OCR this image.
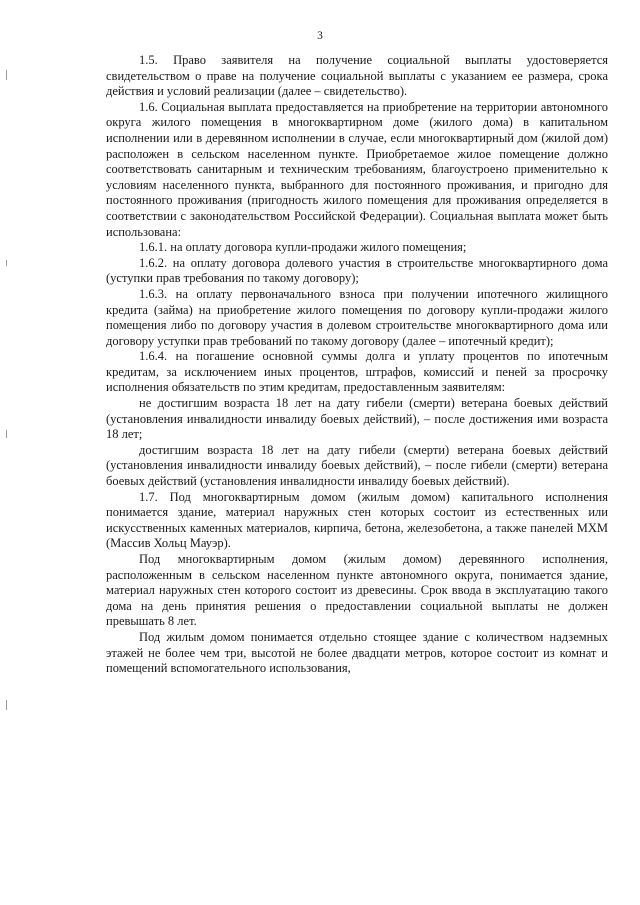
3

1.5. Право заявителя на получение социальной выплаты удостоверяется свидетельством о праве на получение социальной выплаты с указанием ее размера, срока действия и условий реализации (далее – свидетельство).

1.6. Социальная выплата предоставляется на приобретение на территории автономного округа жилого помещения в многоквартирном доме (жилого дома) в капитальном исполнении или в деревянном исполнении в случае, если многоквартирный дом (жилой дом) расположен в сельском населенном пункте. Приобретаемое жилое помещение должно соответствовать санитарным и техническим требованиям, благоустроено применительно к условиям населенного пункта, выбранного для постоянного проживания, и пригодно для постоянного проживания (пригодность жилого помещения для проживания определяется в соответствии с законодательством Российской Федерации). Социальная выплата может быть использована:

1.6.1. на оплату договора купли-продажи жилого помещения;

1.6.2. на оплату договора долевого участия в строительстве многоквартирного дома (уступки прав требования по такому договору);

1.6.3. на оплату первоначального взноса при получении ипотечного жилищного кредита (займа) на приобретение жилого помещения по договору купли-продажи жилого помещения либо по договору участия в долевом строительстве многоквартирного дома или договору уступки прав требований по такому договору (далее – ипотечный кредит);

1.6.4. на погашение основной суммы долга и уплату процентов по ипотечным кредитам, за исключением иных процентов, штрафов, комиссий и пеней за просрочку исполнения обязательств по этим кредитам, предоставленным заявителям:

не достигшим возраста 18 лет на дату гибели (смерти) ветерана боевых действий (установления инвалидности инвалиду боевых действий), – после достижения ими возраста 18 лет;

достигшим возраста 18 лет на дату гибели (смерти) ветерана боевых действий (установления инвалидности инвалиду боевых действий), – после гибели (смерти) ветерана боевых действий (установления инвалидности инвалиду боевых действий).

1.7. Под многоквартирным домом (жилым домом) капитального исполнения понимается здание, материал наружных стен которых состоит из естественных или искусственных каменных материалов, кирпича, бетона, железобетона, а также панелей МХМ (Массив Хольц Мауэр).

Под многоквартирным домом (жилым домом) деревянного исполнения, расположенным в сельском населенном пункте автономного округа, понимается здание, материал наружных стен которого состоит из древесины. Срок ввода в эксплуатацию такого дома на день принятия решения о предоставлении социальной выплаты не должен превышать 8 лет.

Под жилым домом понимается отдельно стоящее здание с количеством надземных этажей не более чем три, высотой не более двадцати метров, которое состоит из комнат и помещений вспомогательного использования,
